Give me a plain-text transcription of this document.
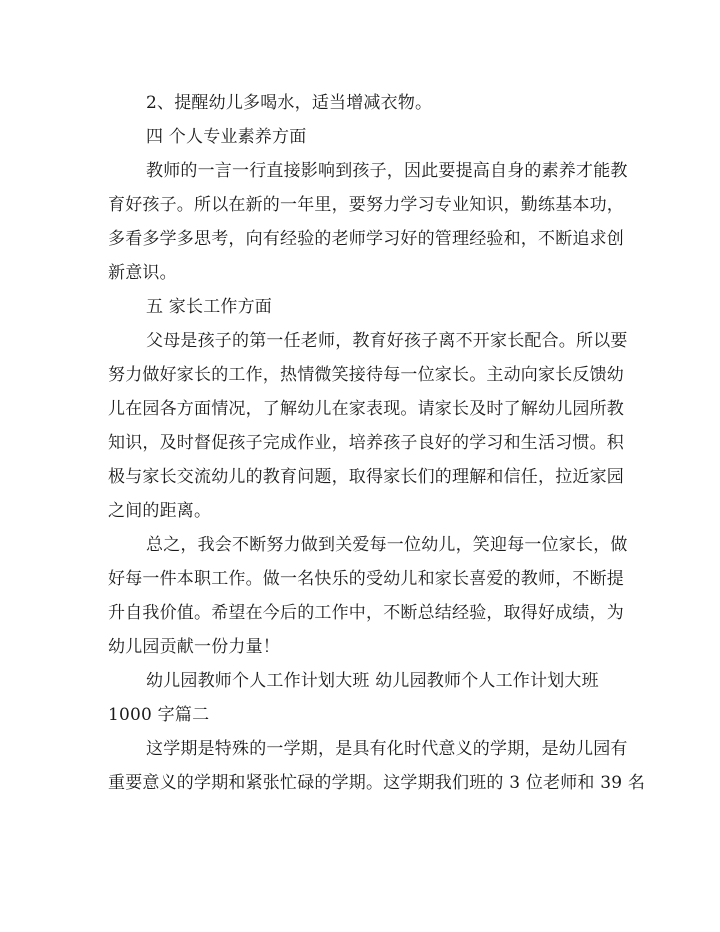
2、提醒幼儿多喝水，适当增减衣物。
四 个人专业素养方面
教师的一言一行直接影响到孩子，因此要提高自身的素养才能教
育好孩子。所以在新的一年里，要努力学习专业知识，勤练基本功，
多看多学多思考，向有经验的老师学习好的管理经验和，不断追求创
新意识。
五 家长工作方面
父母是孩子的第一任老师，教育好孩子离不开家长配合。所以要
努力做好家长的工作，热情微笑接待每一位家长。主动向家长反馈幼
儿在园各方面情况，了解幼儿在家表现。请家长及时了解幼儿园所教
知识，及时督促孩子完成作业，培养孩子良好的学习和生活习惯。积
极与家长交流幼儿的教育问题，取得家长们的理解和信任，拉近家园
之间的距离。
总之，我会不断努力做到关爱每一位幼儿，笑迎每一位家长，做
好每一件本职工作。做一名快乐的受幼儿和家长喜爱的教师，不断提
升自我价值。希望在今后的工作中，不断总结经验，取得好成绩，为
幼儿园贡献一份力量！
幼儿园教师个人工作计划大班 幼儿园教师个人工作计划大班
1000 字篇二
这学期是特殊的一学期，是具有化时代意义的学期，是幼儿园有
重要意义的学期和紧张忙碌的学期。这学期我们班的 3 位老师和 39 名
